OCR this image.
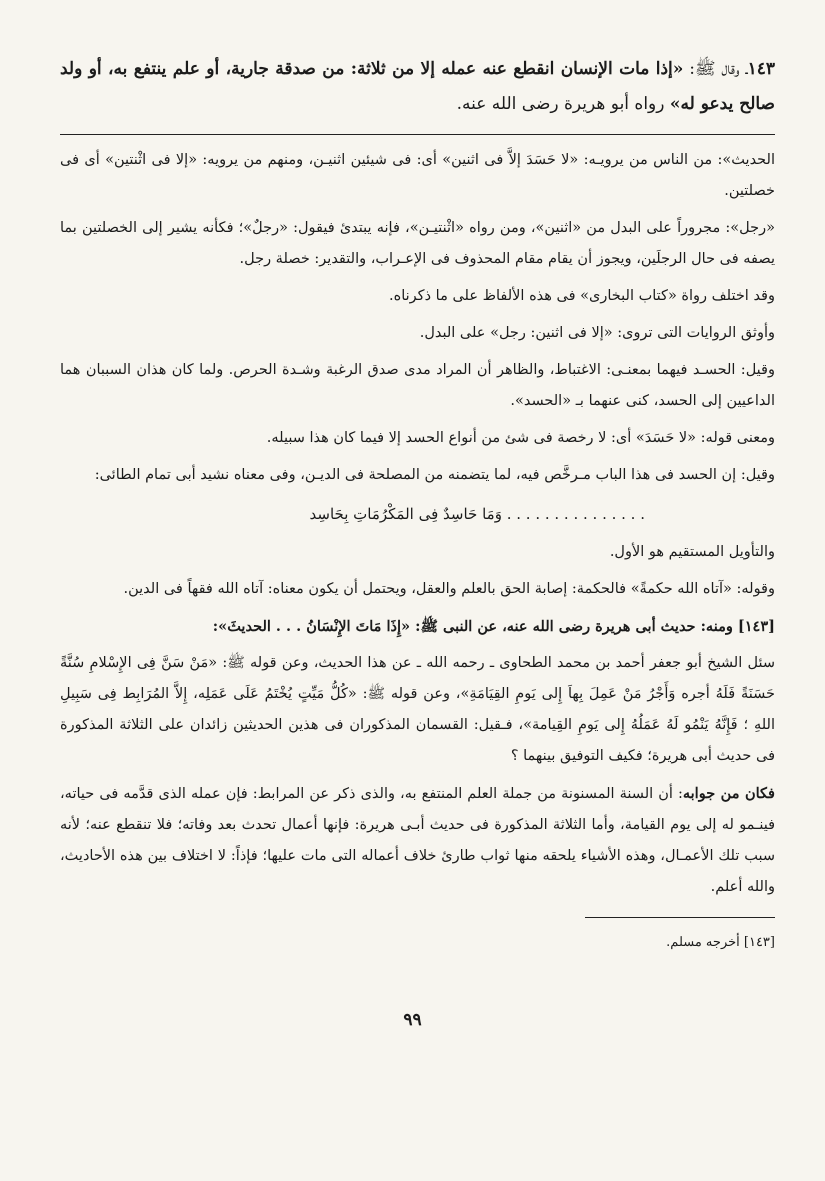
١٤٣ـ وقال ﷺ: «إذا مات الإنسان انقطع عنه عمله إلا من ثلاثة: من صدقة جارية، أو علم ينتفع به، أو ولد صالح يدعو له» رواه أبو هريرة رضى الله عنه.

الحديث»: من الناس من يرويـه: «لا حَسَدَ إلاَّ فى اثنين» أى: فى شيئين اثنيـن، ومنهم من يرويه: «إلا فى اثْنتين» أى فى خصلتين.

«رجل»: مجروراً على البدل من «اثنين»، ومن رواه «اثْنتيـن»، فإنه يبتدئ فيقول: «رجلٌ»؛ فكأنه يشير إلى الخصلتين بما يصفه فى حال الرجلَين، ويجوز أن يقام مقام المحذوف فى الإعـراب، والتقدير: خصلة رجل.

وقد اختلف رواة «كتاب البخارى» فى هذه الألفاظ على ما ذكرناه.

وأوثق الروايات التى تروى: «إلا فى اثنين: رجل» على البدل.

وقيل: الحسـد فيهما بمعنـى: الاغتباط، والظاهر أن المراد مدى صدق الرغبة وشـدة الحرص. ولما كان هذان السببان هما الداعيين إلى الحسد، كنى عنهما بـ «الحسد».

ومعنى قوله: «لا حَسَدَ» أى: لا رخصة فى شئ من أنواع الحسد إلا فيما كان هذا سبيله.

وقيل: إن الحسد فى هذا الباب مـرخَّص فيه، لما يتضمنه من المصلحة فى الديـن، وفى معناه نشيد أبى تمام الطائى:

. . . . . . . . . . . . . . . وَمَا حَاسِدٌ فِى المَكْرُمَاتِ بِحَاسِد

والتأويل المستقيم هو الأول.

وقوله: «آتاه الله حكمةً» فالحكمة: إصابة الحق بالعلم والعقل، ويحتمل أن يكون معناه: آتاه الله فقهاً فى الدين.

[١٤٣] ومنه: حديث أبى هريرة رضى الله عنه، عن النبى ﷺ: «إِذَا مَاتَ الإِنْسَانُ . . . الحديثَ»:

سئل الشيخ أبو جعفر أحمد بن محمد الطحاوى ـ رحمه الله ـ عن هذا الحديث، وعن قوله ﷺ: «مَنْ سَنَّ فِى الإِسْلامِ سُنَّةً حَسَنَةً فَلَهُ أجره وَأَجْرُ مَنْ عَمِلَ بِهاَ إِلى يَومِ القِيَامَةِ»، وعن قوله ﷺ: «كُلُّ مَيِّتٍ يُخْتَمُ عَلَى عَمَلِه، إِلاَّ المُرَابِط فِى سَبِيلِ اللهِ ؛ فَإِنَّهُ يَنْمُو لَهُ عَمَلُهُ إِلى يَومِ القِيامة»، فـقيل: القسمان المذكوران فى هذين الحديثين زائدان على الثلاثة المذكورة فى حديث أبى هريرة؛ فكيف التوفيق بينهما ؟

فكان من جوابه: أن السنة المسنونة من جملة العلم المنتفع به، والذى ذكر عن المرابط: فإن عمله الذى قدَّمه فى حياته، فينـمو له إلى يوم القيامة، وأما الثلاثة المذكورة فى حديث أبـى هريرة: فإنها أعمال تحدث بعد وفاته؛ فلا تنقطع عنه؛ لأنه سبب تلك الأعمـال، وهذه الأشياء يلحقه منها ثواب طارئ خلاف أعماله التى مات عليها؛ فإذاً: لا اختلاف بين هذه الأحاديث، والله أعلم.

[١٤٣] أخرجه مسلم.

٩٩
